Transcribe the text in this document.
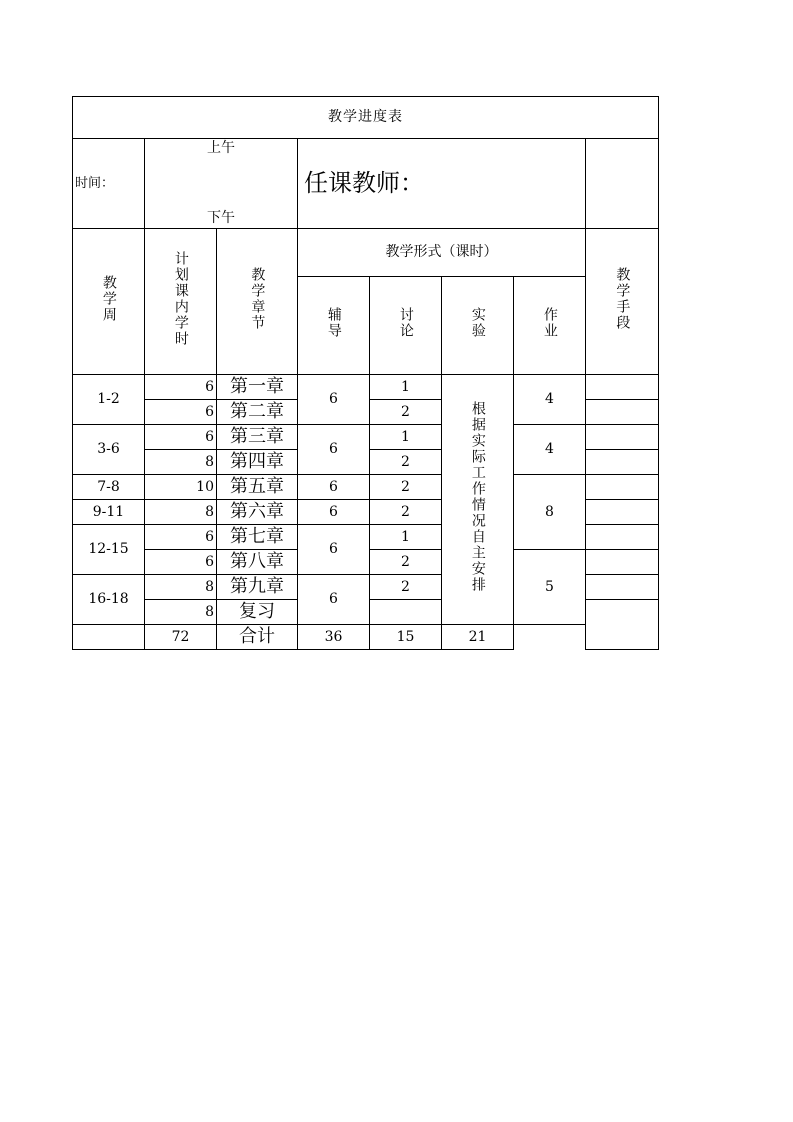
教学进度表							
时间：	上午
下午		任课教师：				
教学周	计划课内学时	教学章节	教学形式（课时）				教学手段
			辅导	讨论	实验	作业	
1-2	6	第一章	6	1	根据实际工作情况自主安排	4	
	6	第二章		2			
3-6	6	第三章	6	1		4	
	8	第四章		2			
7-8	10	第五章	6	2		8	
9-11	8	第六章	6	2			
12-15	6	第七章	6	1			
	6	第八章		2		5	
16-18	8	第九章	6	2			
	8	复习					
	72	合计	36	15	21		
